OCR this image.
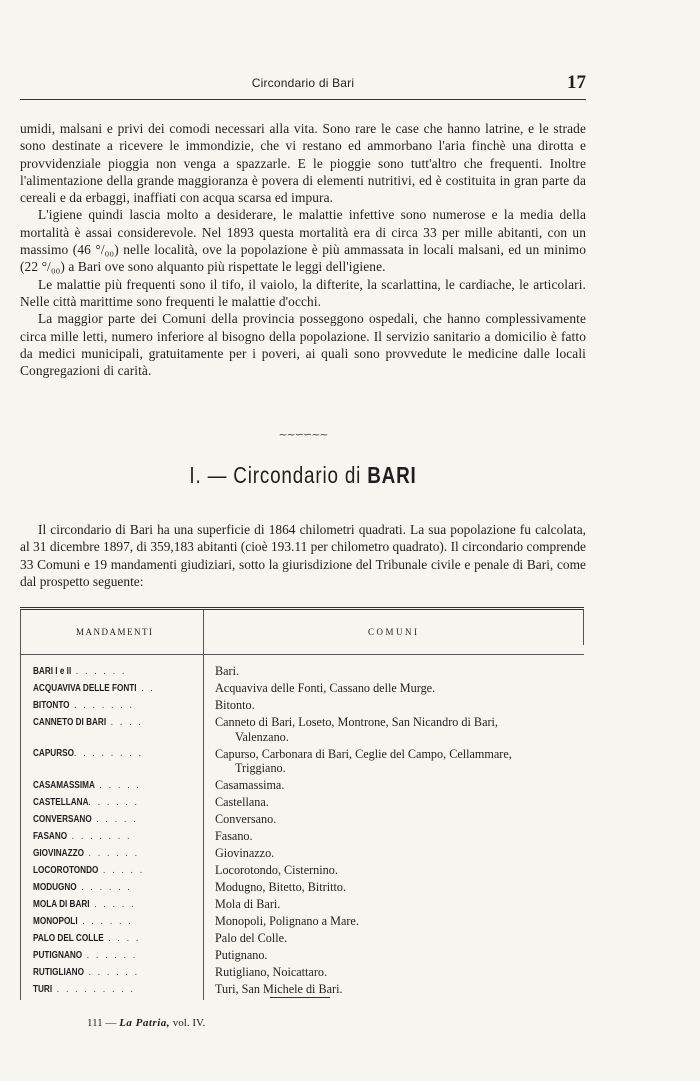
Circondario di Bari	17

umidi, malsani e privi dei comodi necessari alla vita. Sono rare le case che hanno latrine, e le strade sono destinate a ricevere le immondizie, che vi restano ed ammorbano l'aria finchè una dirotta e provvidenziale pioggia non venga a spazzarle. E le pioggie sono tutt'altro che frequenti. Inoltre l'alimentazione della grande maggioranza è povera di elementi nutritivi, ed è costituita in gran parte da cereali e da erbaggi, inaffiati con acqua scarsa ed impura.

L'igiene quindi lascia molto a desiderare, le malattie infettive sono numerose e la media della mortalità è assai considerevole. Nel 1893 questa mortalità era di circa 33 per mille abitanti, con un massimo (46 °/₀₀) nelle località, ove la popolazione è più ammassata in locali malsani, ed un minimo (22 °/₀₀) a Bari ove sono alquanto più rispettate le leggi dell'igiene.

Le malattie più frequenti sono il tifo, il vaiolo, la difterite, la scarlattina, le cardiache, le articolari. Nelle città marittime sono frequenti le malattie d'occhi.

La maggior parte dei Comuni della provincia posseggono ospedali, che hanno complessivamente circa mille letti, numero inferiore al bisogno della popolazione. Il servizio sanitario a domicilio è fatto da medici municipali, gratuitamente per i poveri, ai quali sono provvedute le medicine dalle locali Congregazioni di carità.

~~∽∽~~
I. — Circondario di BARI

Il circondario di Bari ha una superficie di 1864 chilometri quadrati. La sua popolazione fu calcolata, al 31 dicembre 1897, di 359,183 abitanti (cioè 193.11 per chilometro quadrato). Il circondario comprende 33 Comuni e 19 mandamenti giudiziari, sotto la giurisdizione del Tribunale civile e penale di Bari, come dal prospetto seguente:

MANDAMENTI	COMUNI
BARI I e II . . . . . .	Bari.
ACQUAVIVA DELLE FONTI . .	Acquaviva delle Fonti, Cassano delle Murge.
BITONTO . . . . . . .	Bitonto.
CANNETO DI BARI . . . .	Canneto di Bari, Loseto, Montrone, San Nicandro di Bari,
Valenzano.
CAPURSO. . . . . . . .	Capurso, Carbonara di Bari, Ceglie del Campo, Cellammare,
Triggiano.
CASAMASSIMA . . . . .	Casamassima.
CASTELLANA. . . . . .	Castellana.
CONVERSANO . . . . .	Conversano.
FASANO . . . . . . .	Fasano.
GIOVINAZZO . . . . . .	Giovinazzo.
LOCOROTONDO . . . . .	Locorotondo, Cisternino.
MODUGNO . . . . . .	Modugno, Bitetto, Bitritto.
MOLA DI BARI . . . . .	Mola di Bari.
MONOPOLI . . . . . .	Monopoli, Polignano a Mare.
PALO DEL COLLE . . . .	Palo del Colle.
PUTIGNANO . . . . . .	Putignano.
RUTIGLIANO . . . . . .	Rutigliano, Noicattaro.
TURI . . . . . . . . .	Turi, San Michele di Bari.
111 — La Patria, vol. IV.
